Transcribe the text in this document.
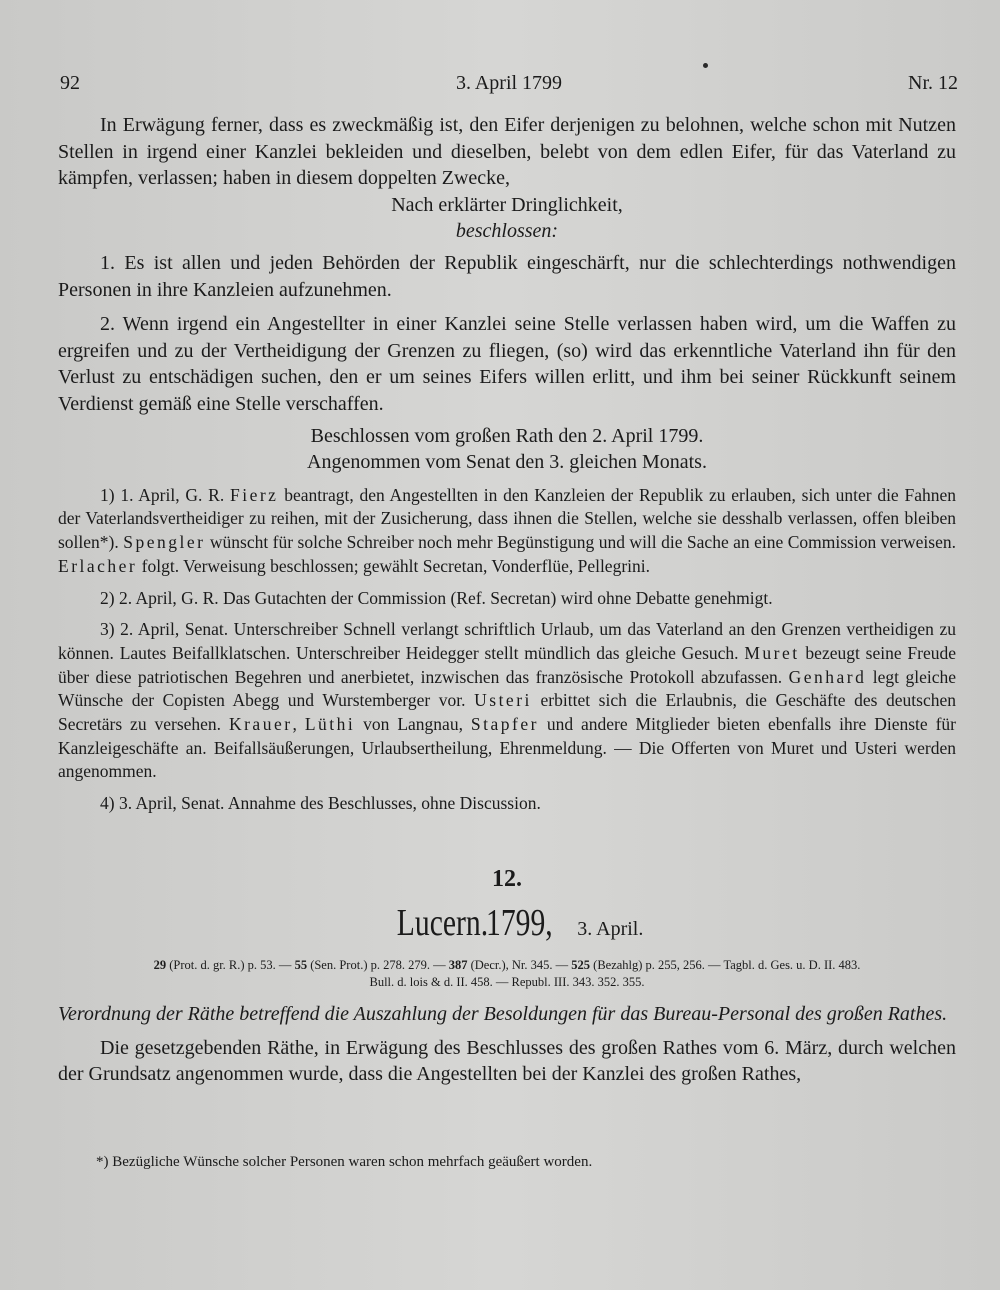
92	3. April 1799	Nr. 12

In Erwägung ferner, dass es zweckmäßig ist, den Eifer derjenigen zu belohnen, welche schon mit Nutzen Stellen in irgend einer Kanzlei bekleiden und dieselben, belebt von dem edlen Eifer, für das Vaterland zu kämpfen, verlassen; haben in diesem doppelten Zwecke,

Nach erklärter Dringlichkeit,

beschlossen:

1. Es ist allen und jeden Behörden der Republik eingeschärft, nur die schlechterdings nothwendigen Personen in ihre Kanzleien aufzunehmen.

2. Wenn irgend ein Angestellter in einer Kanzlei seine Stelle verlassen haben wird, um die Waffen zu ergreifen und zu der Vertheidigung der Grenzen zu fliegen, (so) wird das erkenntliche Vaterland ihn für den Verlust zu entschädigen suchen, den er um seines Eifers willen erlitt, und ihm bei seiner Rückkunft seinem Verdienst gemäß eine Stelle verschaffen.

Beschlossen vom großen Rath den 2. April 1799.

Angenommen vom Senat den 3. gleichen Monats.

1) 1. April, G. R. Fierz beantragt, den Angestellten in den Kanzleien der Republik zu erlauben, sich unter die Fahnen der Vaterlandsvertheidiger zu reihen, mit der Zusicherung, dass ihnen die Stellen, welche sie desshalb verlassen, offen bleiben sollen*). Spengler wünscht für solche Schreiber noch mehr Begünstigung und will die Sache an eine Commission verweisen. Erlacher folgt. Verweisung beschlossen; gewählt Secretan, Vonderflüe, Pellegrini.

2) 2. April, G. R. Das Gutachten der Commission (Ref. Secretan) wird ohne Debatte genehmigt.

3) 2. April, Senat. Unterschreiber Schnell verlangt schriftlich Urlaub, um das Vaterland an den Grenzen vertheidigen zu können. Lautes Beifallklatschen. Unterschreiber Heidegger stellt mündlich das gleiche Gesuch. Muret bezeugt seine Freude über diese patriotischen Begehren und anerbietet, inzwischen das französische Protokoll abzufassen. Genhard legt gleiche Wünsche der Copisten Abegg und Wurstemberger vor. Usteri erbittet sich die Erlaubnis, die Geschäfte des deutschen Secretärs zu versehen. Krauer, Lüthi von Langnau, Stapfer und andere Mitglieder bieten ebenfalls ihre Dienste für Kanzleigeschäfte an. Beifallsäußerungen, Urlaubsertheilung, Ehrenmeldung. — Die Offerten von Muret und Usteri werden angenommen.

4) 3. April, Senat. Annahme des Beschlusses, ohne Discussion.

12.

Lucern. 1799, 3. April.

29 (Prot. d. gr. R.) p. 53. — 55 (Sen. Prot.) p. 278. 279. — 387 (Decr.), Nr. 345. — 525 (Bezahlg) p. 255, 256. — Tagbl. d. Ges. u. D. II. 483.
Bull. d. lois & d. II. 458. — Republ. III. 343. 352. 355.

Verordnung der Räthe betreffend die Auszahlung der Besoldungen für das Bureau-Personal des großen Rathes.

Die gesetzgebenden Räthe, in Erwägung des Beschlusses des großen Rathes vom 6. März, durch welchen der Grundsatz angenommen wurde, dass die Angestellten bei der Kanzlei des großen Rathes,

*) Bezügliche Wünsche solcher Personen waren schon mehrfach geäußert worden.
